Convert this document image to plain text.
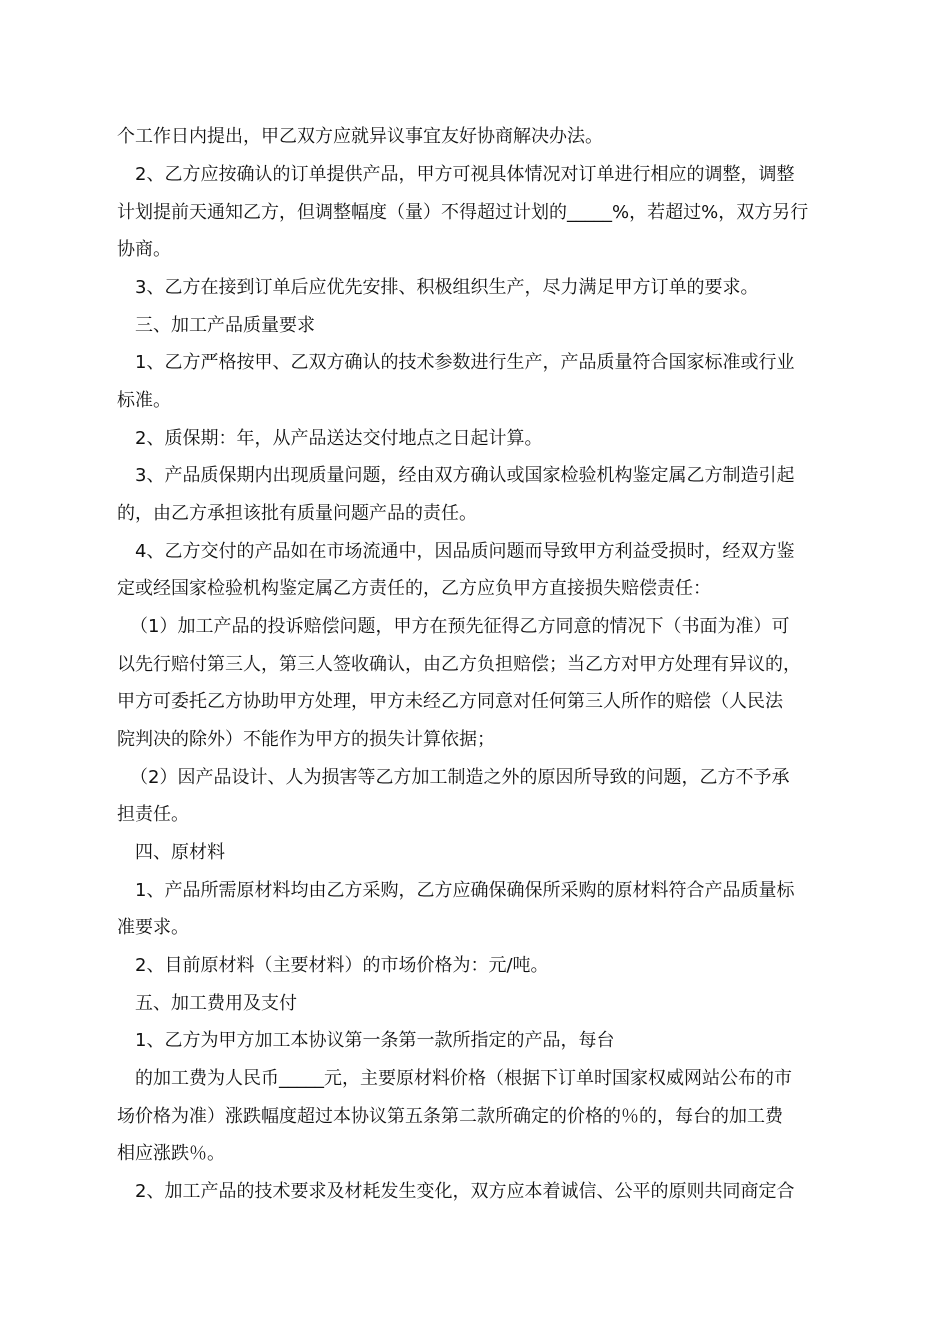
个工作日内提出，甲乙双方应就异议事宜友好协商解决办法。
2、乙方应按确认的订单提供产品，甲方可视具体情况对订单进行相应的调整，调整
计划提前天通知乙方，但调整幅度（量）不得超过计划的_____%，若超过%，双方另行
协商。
3、乙方在接到订单后应优先安排、积极组织生产，尽力满足甲方订单的要求。
三、加工产品质量要求
1、乙方严格按甲、乙双方确认的技术参数进行生产，产品质量符合国家标准或行业
标准。
2、质保期：年，从产品送达交付地点之日起计算。
3、产品质保期内出现质量问题，经由双方确认或国家检验机构鉴定属乙方制造引起
的，由乙方承担该批有质量问题产品的责任。
4、乙方交付的产品如在市场流通中，因品质问题而导致甲方利益受损时，经双方鉴
定或经国家检验机构鉴定属乙方责任的，乙方应负甲方直接损失赔偿责任：
（1）加工产品的投诉赔偿问题，甲方在预先征得乙方同意的情况下（书面为准）可
以先行赔付第三人，第三人签收确认，由乙方负担赔偿；当乙方对甲方处理有异议的，
甲方可委托乙方协助甲方处理，甲方未经乙方同意对任何第三人所作的赔偿（人民法
院判决的除外）不能作为甲方的损失计算依据；
（2）因产品设计、人为损害等乙方加工制造之外的原因所导致的问题，乙方不予承
担责任。
四、原材料
1、产品所需原材料均由乙方采购，乙方应确保确保所采购的原材料符合产品质量标
准要求。
2、目前原材料（主要材料）的市场价格为：元/吨。
五、加工费用及支付
1、乙方为甲方加工本协议第一条第一款所指定的产品，每台
的加工费为人民币_____元，主要原材料价格（根据下订单时国家权威网站公布的市
场价格为准）涨跌幅度超过本协议第五条第二款所确定的价格的％的，每台的加工费
相应涨跌％。
2、加工产品的技术要求及材耗发生变化，双方应本着诚信、公平的原则共同商定合
